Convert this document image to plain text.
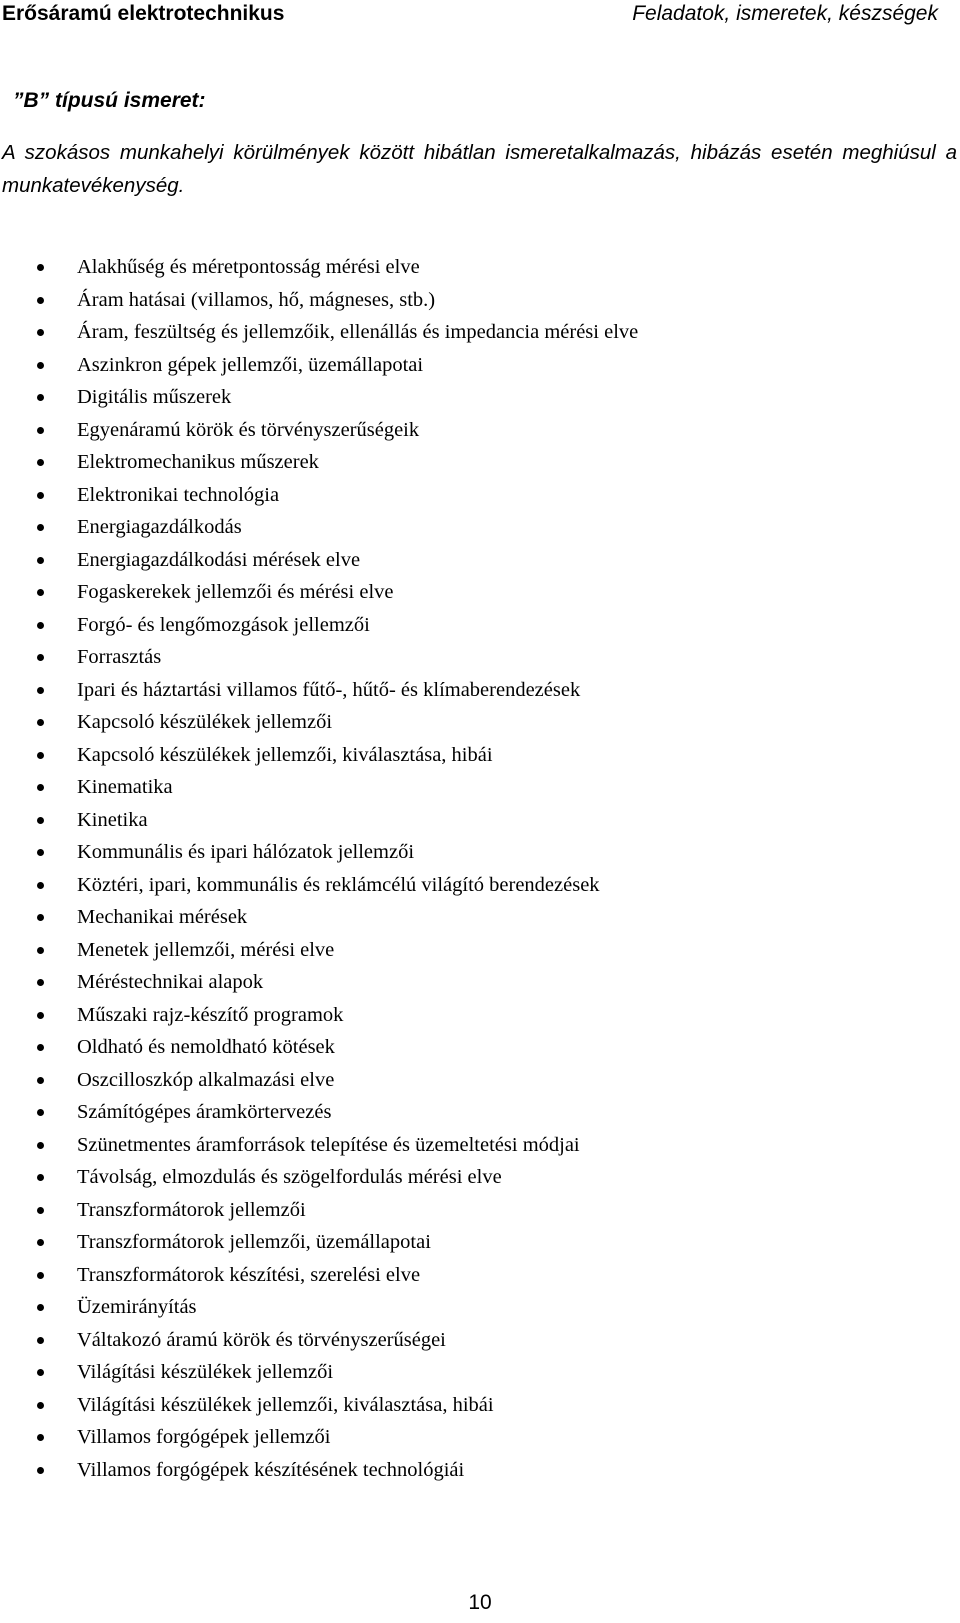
Erősáramú elektrotechnikus	Feladatok, ismeretek, készségek
”B” típusú ismeret:
A szokásos munkahelyi körülmények között hibátlan ismeretalkalmazás, hibázás esetén meghiúsul a munkatevékenység.
Alakhűség és méretpontosság mérési elve
Áram hatásai (villamos, hő, mágneses, stb.)
Áram, feszültség és jellemzőik, ellenállás és impedancia mérési elve
Aszinkron gépek jellemzői, üzemállapotai
Digitális műszerek
Egyenáramú körök és törvényszerűségeik
Elektromechanikus műszerek
Elektronikai technológia
Energiagazdálkodás
Energiagazdálkodási mérések elve
Fogaskerekek jellemzői és mérési elve
Forgó- és lengőmozgások jellemzői
Forrasztás
Ipari és háztartási villamos fűtő-, hűtő- és klímaberendezések
Kapcsoló készülékek jellemzői
Kapcsoló készülékek jellemzői, kiválasztása, hibái
Kinematika
Kinetika
Kommunális és ipari hálózatok jellemzői
Köztéri, ipari, kommunális és reklámcélú világító berendezések
Mechanikai mérések
Menetek jellemzői, mérési elve
Méréstechnikai alapok
Műszaki rajz-készítő programok
Oldható és nemoldható kötések
Oszcilloszkóp alkalmazási elve
Számítógépes áramkörtervezés
Szünetmentes áramforrások telepítése és üzemeltetési módjai
Távolság, elmozdulás és szögelfordulás mérési elve
Transzformátorok jellemzői
Transzformátorok jellemzői, üzemállapotai
Transzformátorok készítési, szerelési elve
Üzemirányítás
Váltakozó áramú körök és törvényszerűségei
Világítási készülékek jellemzői
Világítási készülékek jellemzői, kiválasztása, hibái
Villamos forgógépek jellemzői
Villamos forgógépek készítésének technológiái
10
